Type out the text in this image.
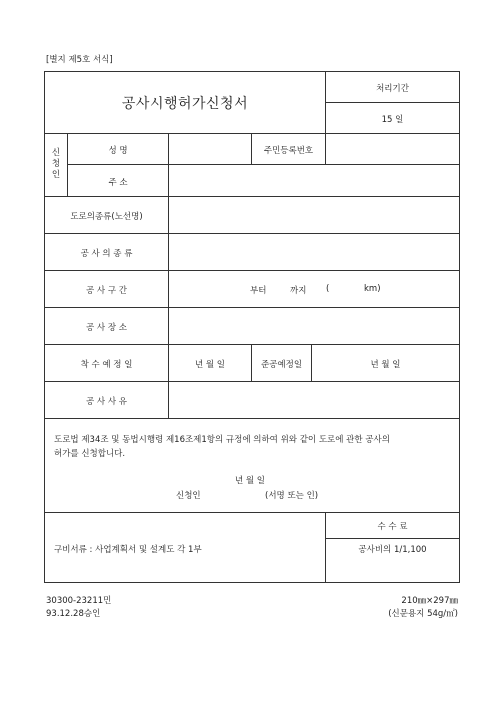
[별지 제5호 서식]
공사시행허가신청서
처리기간
15 일
신청인
성 명	주민등록번호
주 소
도로의종류(노선명)
공 사 의 종 류
공 사 구 간	부터	까지 (	km)
공 사 장 소
착 수 예 정 일	년 월 일	준공예정일	년 월 일
공 사 사 유
도로법 제34조 및 동법시행령 제16조제1항의 규정에 의하여 위와 같이 도로에 관한 공사의
허가를 신청합니다.
년 월 일
신청인	(서명 또는 인)
구비서류 : 사업계획서 및 설계도 각 1부
수 수 료
공사비의 1/1,100
30300-23211민
93.12.28승인
210㎜×297㎜
(신문용지 54g/㎡)
